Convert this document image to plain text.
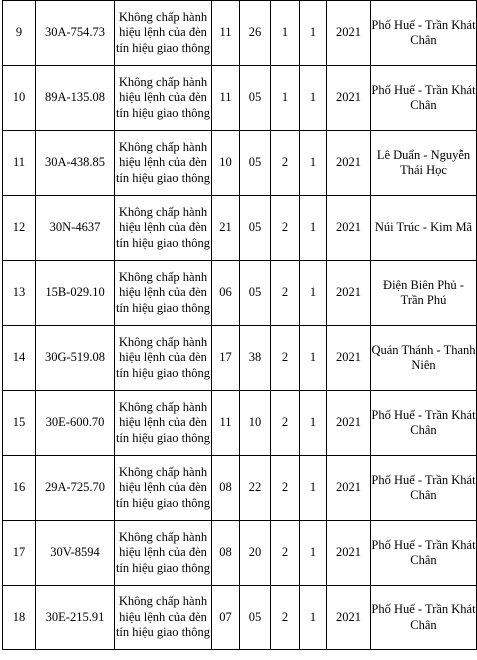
9	30A-754.73	Không chấp hành hiệu lệnh của đèn tín hiệu giao thông	11	26	1	1	2021	Phố Huế - Trần Khát Chân
10	89A-135.08	Không chấp hành hiệu lệnh của đèn tín hiệu giao thông	11	05	1	1	2021	Phố Huế - Trần Khát Chân
11	30A-438.85	Không chấp hành hiệu lệnh của đèn tín hiệu giao thông	10	05	2	1	2021	Lê Duẩn - Nguyễn Thái Học
12	30N-4637	Không chấp hành hiệu lệnh của đèn tín hiệu giao thông	21	05	2	1	2021	Núi Trúc - Kim Mã
13	15B-029.10	Không chấp hành hiệu lệnh của đèn tín hiệu giao thông	06	05	2	1	2021	Điện Biên Phủ - Trần Phú
14	30G-519.08	Không chấp hành hiệu lệnh của đèn tín hiệu giao thông	17	38	2	1	2021	Quán Thánh - Thanh Niên
15	30E-600.70	Không chấp hành hiệu lệnh của đèn tín hiệu giao thông	11	10	2	1	2021	Phố Huế - Trần Khát Chân
16	29A-725.70	Không chấp hành hiệu lệnh của đèn tín hiệu giao thông	08	22	2	1	2021	Phố Huế - Trần Khát Chân
17	30V-8594	Không chấp hành hiệu lệnh của đèn tín hiệu giao thông	08	20	2	1	2021	Phố Huế - Trần Khát Chân
18	30E-215.91	Không chấp hành hiệu lệnh của đèn tín hiệu giao thông	07	05	2	1	2021	Phố Huế - Trần Khát Chân
